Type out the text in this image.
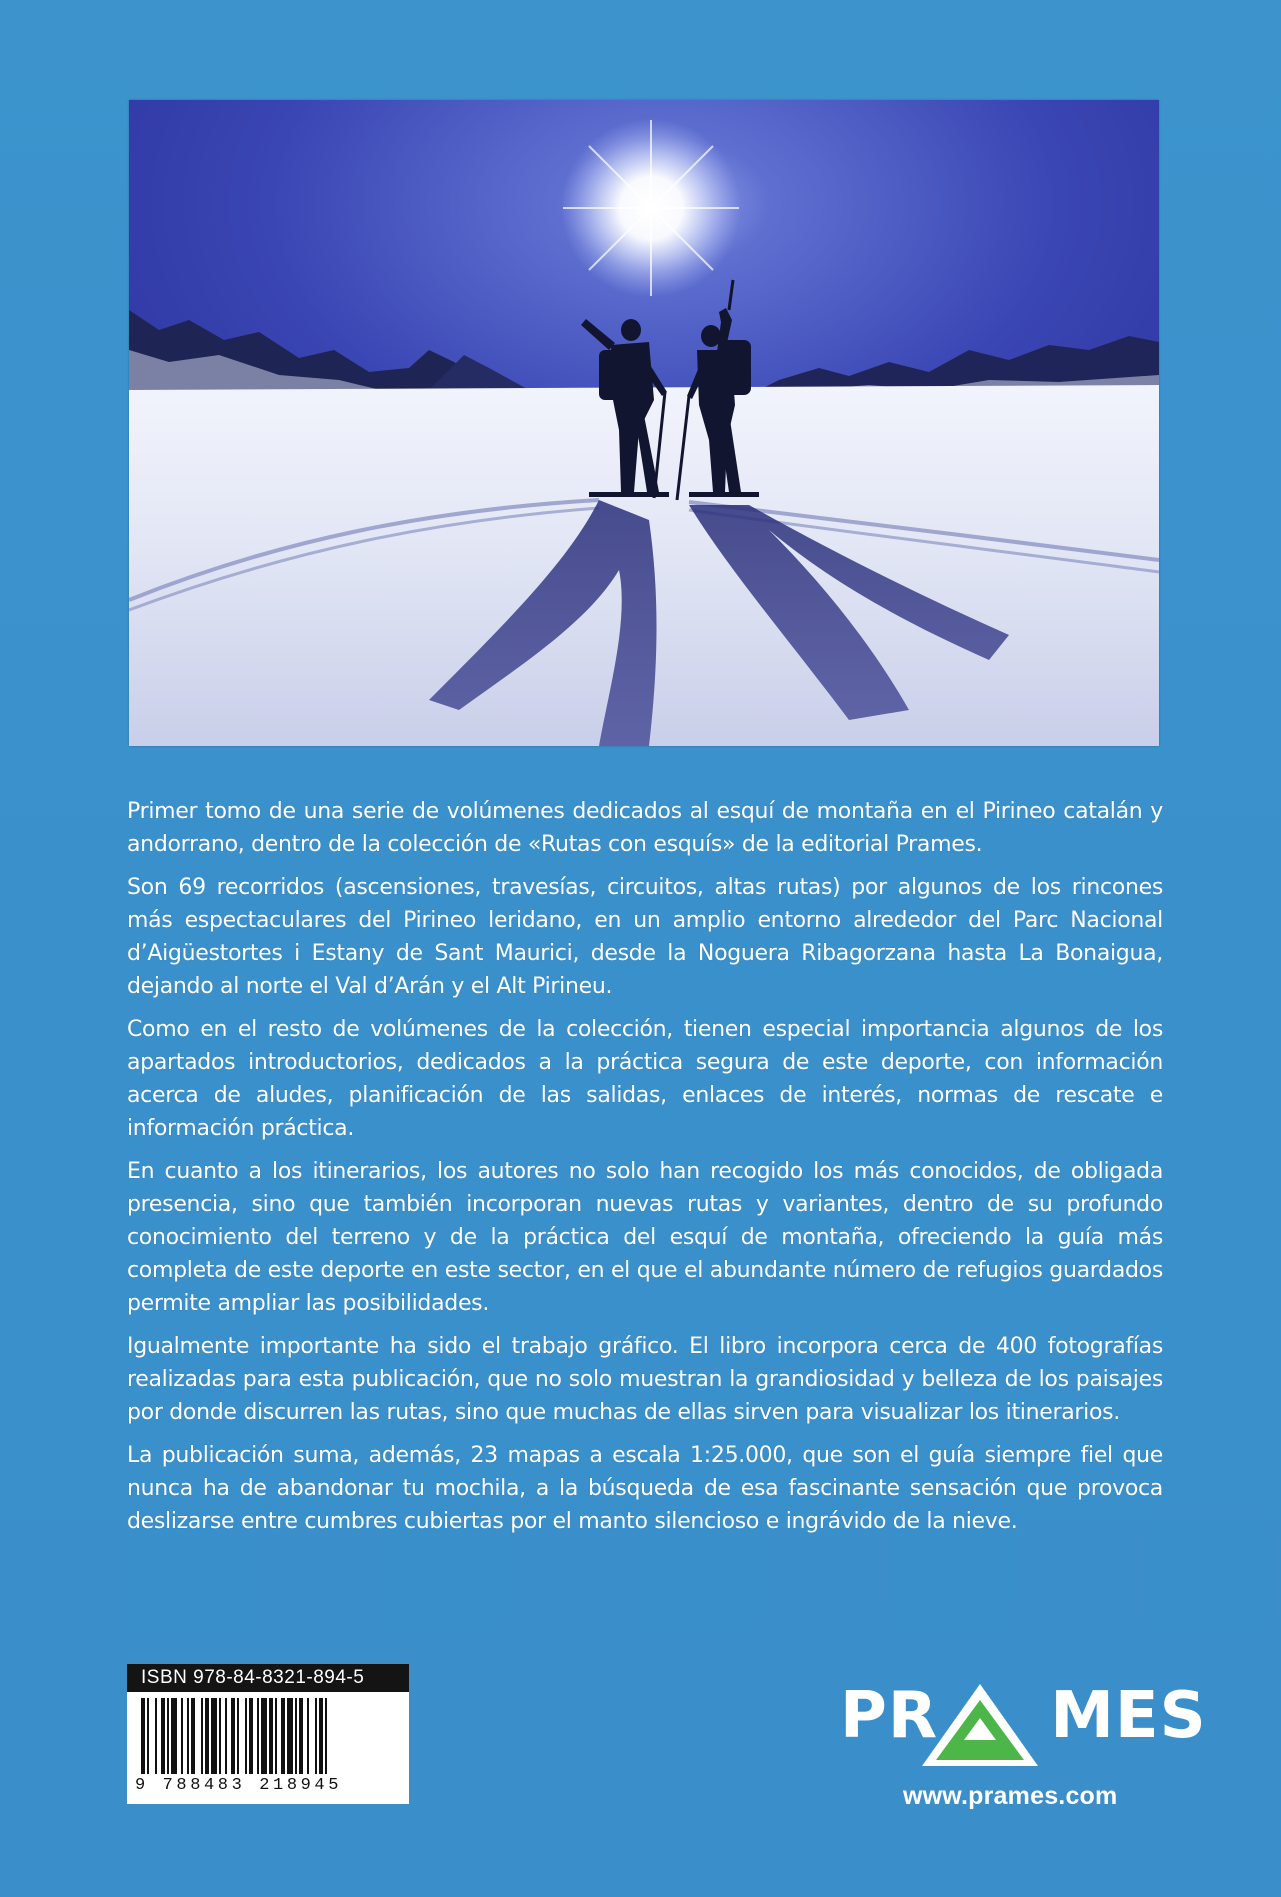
Primer tomo de una serie de volúmenes dedicados al esquí de montaña en el Pirineo catalán y andorrano, dentro de la colección de «Rutas con esquís» de la editorial Prames.

Son 69 recorridos (ascensiones, travesías, circuitos, altas rutas) por algunos de los rincones más espectaculares del Pirineo leridano, en un amplio entorno alrededor del Parc Nacional d’Aigüestortes i Estany de Sant Maurici, desde la Noguera Ribagorzana hasta La Bonaigua, dejando al norte el Val d’Arán y el Alt Pirineu.

Como en el resto de volúmenes de la colección, tienen especial importancia algunos de los apartados introductorios, dedicados a la práctica segura de este deporte, con información acerca de aludes, planificación de las salidas, enlaces de interés, normas de rescate e información práctica.

En cuanto a los itinerarios, los autores no solo han recogido los más conocidos, de obligada presencia, sino que también incorporan nuevas rutas y variantes, dentro de su profundo conocimiento del terreno y de la práctica del esquí de montaña, ofreciendo la guía más completa de este deporte en este sector, en el que el abundante número de refugios guardados permite ampliar las posibilidades.

Igualmente importante ha sido el trabajo gráfico. El libro incorpora cerca de 400 fotografías realizadas para esta publicación, que no solo muestran la grandiosidad y belleza de los paisajes por donde discurren las rutas, sino que muchas de ellas sirven para visualizar los itinerarios.

La publicación suma, además, 23 mapas a escala 1:25.000, que son el guía siempre fiel que nunca ha de abandonar tu mochila, a la búsqueda de esa fascinante sensación que provoca deslizarse entre cumbres cubiertas por el manto silencioso e ingrávido de la nieve.

ISBN 978-84-8321-894-5
9 788483 218945
PR MES
www.prames.com
